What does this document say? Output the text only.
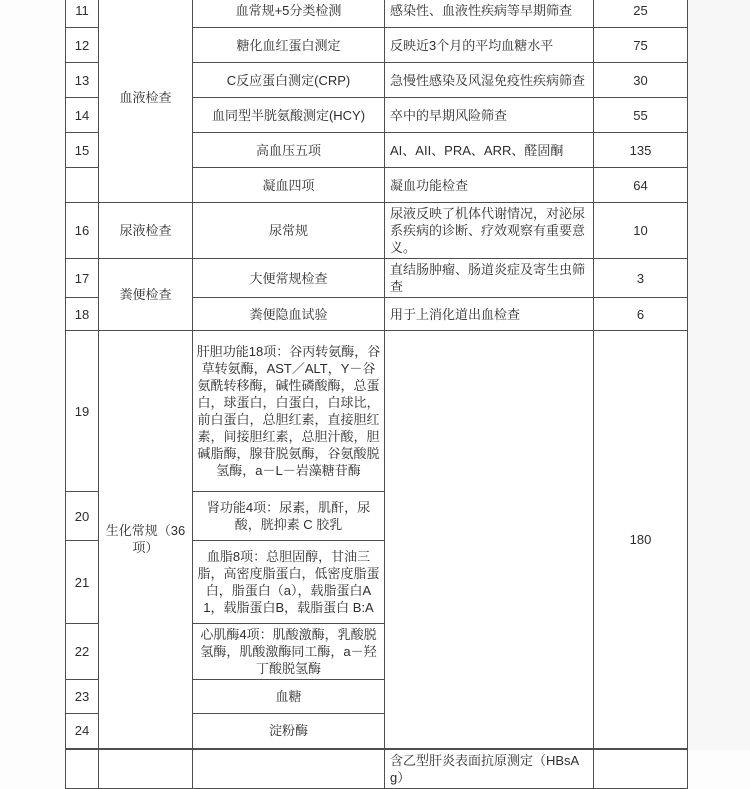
11	血液检查	血常规+5分类检测	感染性、血液性疾病等早期筛查	25
12		糖化血红蛋白测定	反映近3个月的平均血糖水平	75
13		C反应蛋白测定(CRP)	急慢性感染及风湿免疫性疾病筛查	30
14		血同型半胱氨酸测定(HCY)	卒中的早期风险筛查	55
15		高血压五项	AI、AII、PRA、ARR、醛固酮	135
		凝血四项	凝血功能检查	64
16	尿液检查	尿常规	尿液反映了机体代谢情况，对泌尿系疾病的诊断、疗效观察有重要意义。	10
17	粪便检查	大便常规检查	直结肠肿瘤、肠道炎症及寄生虫筛查	3
18		粪便隐血试验	用于上消化道出血检查	6
19	生化常规（36项）	肝胆功能18项：谷丙转氨酶，谷草转氨酶，AST／ALT，Y－谷氨酰转移酶，碱性磷酸酶，总蛋白，球蛋白，白蛋白，白球比，前白蛋白，总胆红素，直接胆红素，间接胆红素，总胆汁酸，胆碱脂酶，腺苷脱氨酶，谷氨酸脱氢酶，a－L－岩藻糖苷酶		180
20		肾功能4项：尿素，肌酐，尿酸，胱抑素 C 胶乳		
21		血脂8项：总胆固醇，甘油三脂，高密度脂蛋白，低密度脂蛋白，脂蛋白（a），载脂蛋白A1，载脂蛋白B，载脂蛋白 B:A		
22		心肌酶4项：肌酸激酶，乳酸脱氢酶，肌酸激酶同工酶，a－羟丁酸脱氢酶		
23		血糖		
24		淀粉酶		
			含乙型肝炎表面抗原测定（HBsAg）	
